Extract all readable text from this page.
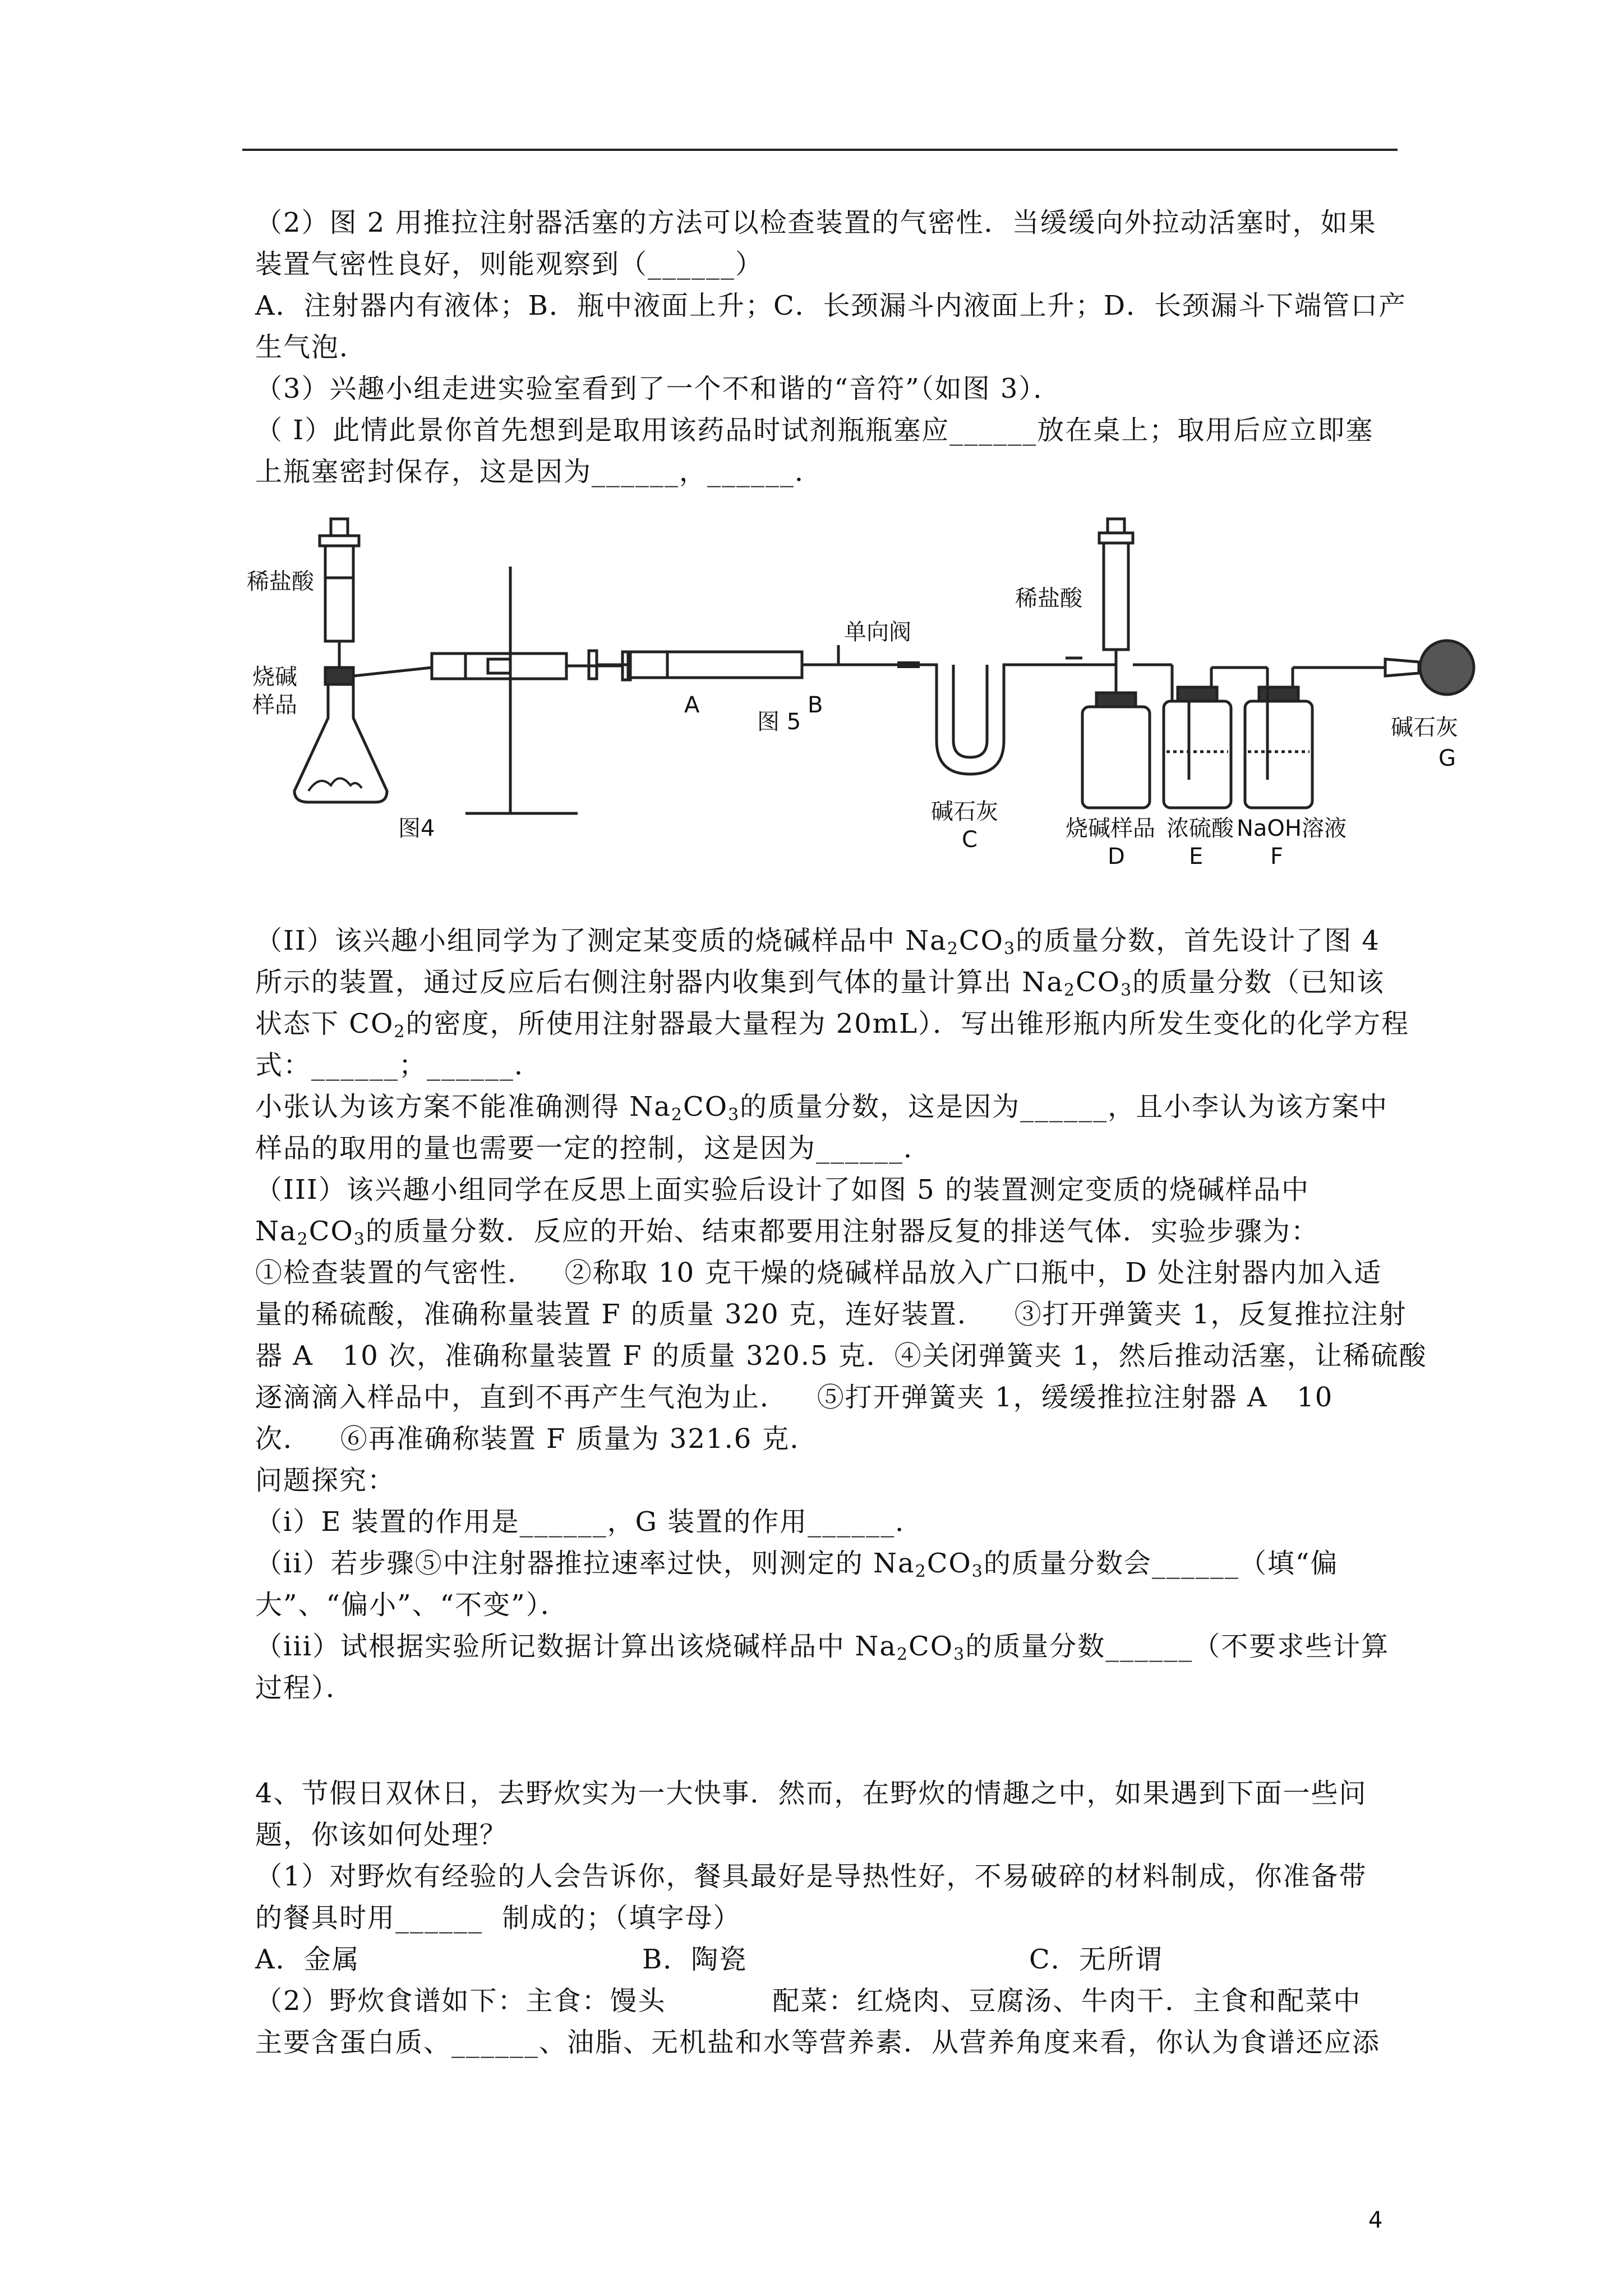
（2）图 2 用推拉注射器活塞的方法可以检查装置的气密性．当缓缓向外拉动活塞时，如果
装置气密性良好，则能观察到（______）
A．注射器内有液体；B．瓶中液面上升；C．长颈漏斗内液面上升；D．长颈漏斗下端管口产
生气泡．
（3）兴趣小组走进实验室看到了一个不和谐的“音符”（如图 3）．
（ I）此情此景你首先想到是取用该药品时试剂瓶瓶塞应______放在桌上；取用后应立即塞
上瓶塞密封保存，这是因为______，______．
稀盐酸
烧碱
样品
图4
A	B
单向阀
图 5
碱石灰
C
稀盐酸
烧碱样品
D
浓硫酸
E
NaOH溶液
F
碱石灰
G
（II）该兴趣小组同学为了测定某变质的烧碱样品中 $Na_2CO_3$的质量分数，首先设计了图 4
所示的装置，通过反应后右侧注射器内收集到气体的量计算出 $Na_2CO_3$的质量分数（已知该
状态下 $CO_2$的密度，所使用注射器最大量程为 20mL）．写出锥形瓶内所发生变化的化学方程
式：______；______．
小张认为该方案不能准确测得 $Na_2CO_3$的质量分数，这是因为______，且小李认为该方案中
样品的取用的量也需要一定的控制，这是因为______．
（III）该兴趣小组同学在反思上面实验后设计了如图 5 的装置测定变质的烧碱样品中
$Na_2CO_3$的质量分数．反应的开始、结束都要用注射器反复的排送气体．实验步骤为：
①检查装置的气密性．   ②称取 10 克干燥的烧碱样品放入广口瓶中，D 处注射器内加入适
量的稀硫酸，准确称量装置 F 的质量 320 克，连好装置．   ③打开弹簧夹 1，反复推拉注射
器 A   10 次，准确称量装置 F 的质量 320.5 克．④关闭弹簧夹 1，然后推动活塞，让稀硫酸
逐滴滴入样品中，直到不再产生气泡为止．   ⑤打开弹簧夹 1，缓缓推拉注射器 A   10
次．   ⑥再准确称装置 F 质量为 321.6 克．
问题探究：
（i）E 装置的作用是______，G 装置的作用______．
（ii）若步骤⑤中注射器推拉速率过快，则测定的 $Na_2CO_3$的质量分数会______（填“偏
大”、“偏小”、“不变”）．
（iii）试根据实验所记数据计算出该烧碱样品中 $Na_2CO_3$的质量分数______（不要求些计算
过程）．
4、节假日双休日，去野炊实为一大快事．然而，在野炊的情趣之中，如果遇到下面一些问
题，你该如何处理？
（1）对野炊有经验的人会告诉你，餐具最好是导热性好，不易破碎的材料制成，你准备带
的餐具时用______  制成的；（填字母）
A．金属	B．陶瓷	C．无所谓
（2）野炊食谱如下：主食：馒头           配菜：红烧肉、豆腐汤、牛肉干．主食和配菜中
主要含蛋白质、______、油脂、无机盐和水等营养素．从营养角度来看，你认为食谱还应添
4
